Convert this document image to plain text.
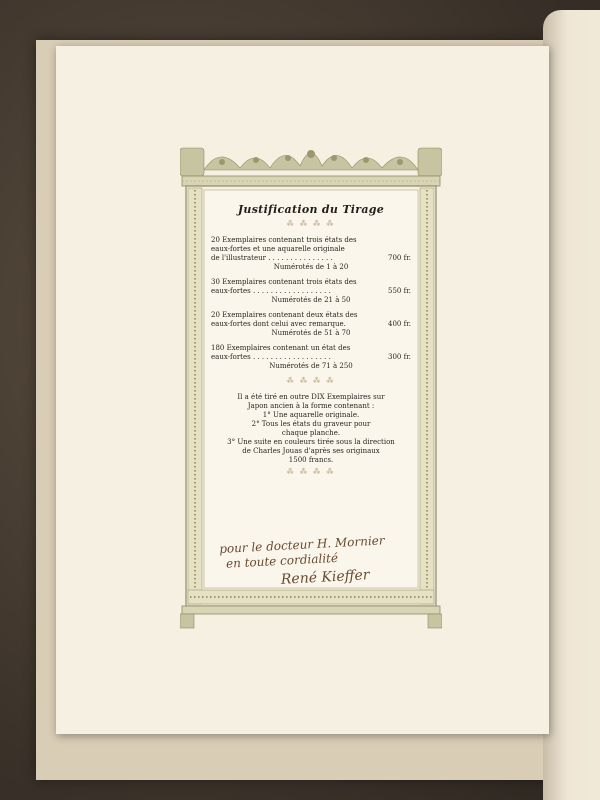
Justification du Tirage
⁂ ⁂ ⁂ ⁂
20 Exemplaires contenant trois états des
eaux-fortes et une aquarelle originale
de l'illustrateur . . . . . . . . . . . . . . .	700 fr.
Numérotés de 1 à 20
30 Exemplaires contenant trois états des
eaux-fortes . . . . . . . . . . . . . . . . . .	550 fr.
Numérotés de 21 à 50
20 Exemplaires contenant deux états des
eaux-fortes dont celui avec remarque.	400 fr.
Numérotés de 51 à 70
180 Exemplaires contenant un état des
eaux-fortes . . . . . . . . . . . . . . . . . .	300 fr.
Numérotés de 71 à 250
⁂ ⁂ ⁂ ⁂
Il a été tiré en outre DIX Exemplaires sur
Japon ancien à la forme contenant :
1° Une aquarelle originale.
2° Tous les états du graveur pour
chaque planche.
3° Une suite en couleurs tirée sous la direction
de Charles Jouas d'après ses originaux
1500 francs.
⁂ ⁂ ⁂ ⁂
pour le docteur H. Mornier
en toute cordialité
René Kieffer
